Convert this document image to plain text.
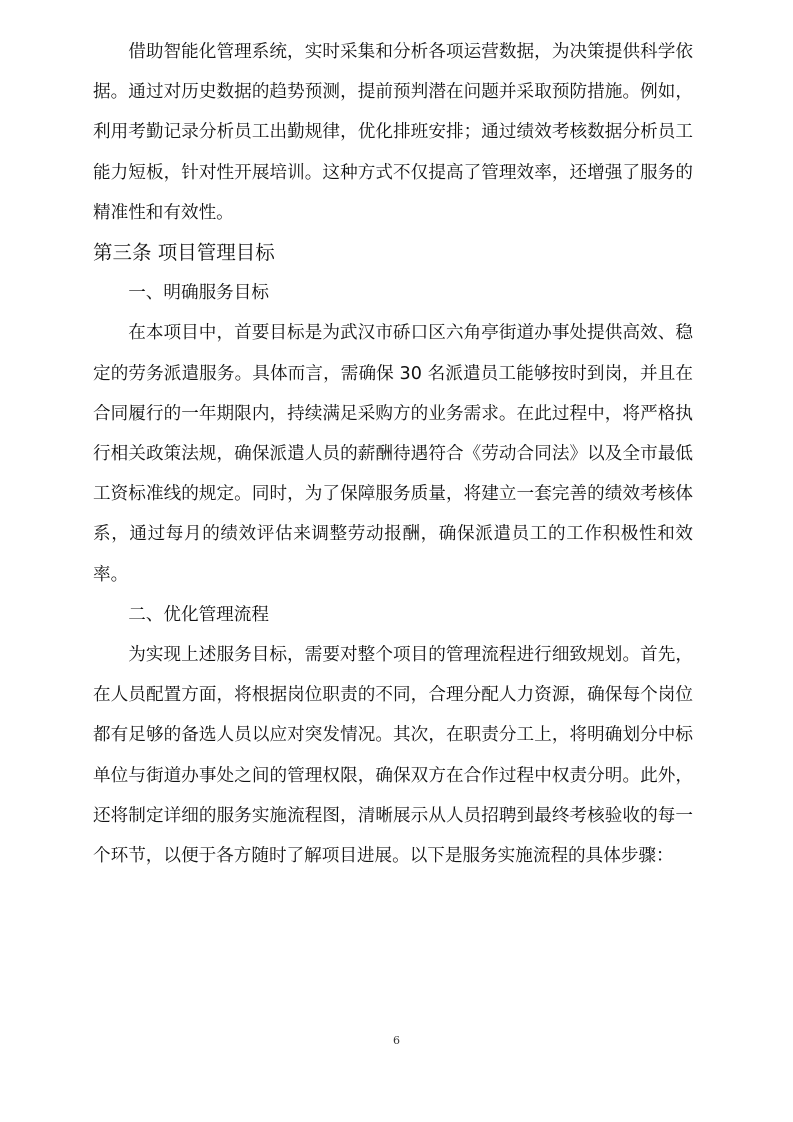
借助智能化管理系统，实时采集和分析各项运营数据，为决策提供科学依据。通过对历史数据的趋势预测，提前预判潜在问题并采取预防措施。例如，利用考勤记录分析员工出勤规律，优化排班安排；通过绩效考核数据分析员工能力短板，针对性开展培训。这种方式不仅提高了管理效率，还增强了服务的精准性和有效性。

第三条 项目管理目标
一、明确服务目标

在本项目中，首要目标是为武汉市硚口区六角亭街道办事处提供高效、稳定的劳务派遣服务。具体而言，需确保 30 名派遣员工能够按时到岗，并且在合同履行的一年期限内，持续满足采购方的业务需求。在此过程中，将严格执行相关政策法规，确保派遣人员的薪酬待遇符合《劳动合同法》以及全市最低工资标准线的规定。同时，为了保障服务质量，将建立一套完善的绩效考核体系，通过每月的绩效评估来调整劳动报酬，确保派遣员工的工作积极性和效率。

二、优化管理流程

为实现上述服务目标，需要对整个项目的管理流程进行细致规划。首先，在人员配置方面，将根据岗位职责的不同，合理分配人力资源，确保每个岗位都有足够的备选人员以应对突发情况。其次，在职责分工上，将明确划分中标单位与街道办事处之间的管理权限，确保双方在合作过程中权责分明。此外，还将制定详细的服务实施流程图，清晰展示从人员招聘到最终考核验收的每一个环节，以便于各方随时了解项目进展。以下是服务实施流程的具体步骤：

6
